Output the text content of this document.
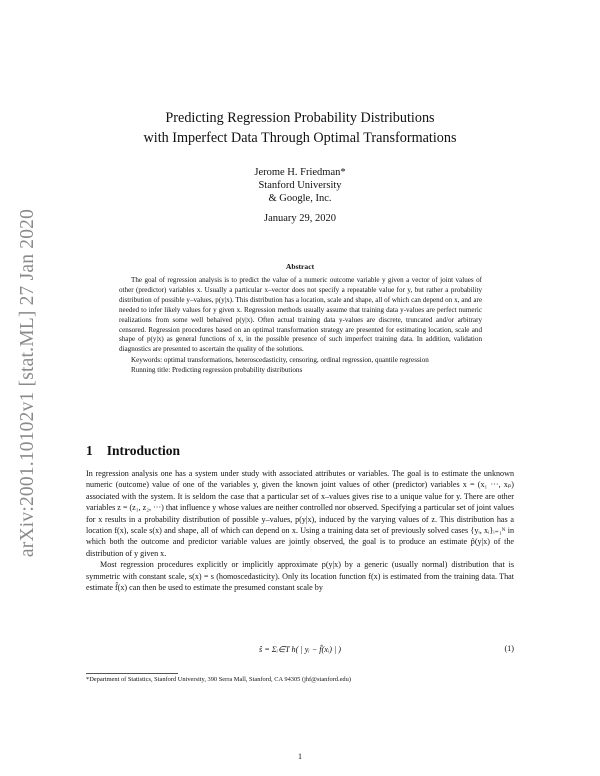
arXiv:2001.10102v1 [stat.ML] 27 Jan 2020
Predicting Regression Probability Distributions
with Imperfect Data Through Optimal Transformations
Jerome H. Friedman*
Stanford University
& Google, Inc.
January 29, 2020
Abstract

The goal of regression analysis is to predict the value of a numeric outcome variable y given a vector of joint values of other (predictor) variables x. Usually a particular x–vector does not specify a repeatable value for y, but rather a probability distribution of possible y–values, p(y|x). This distribution has a location, scale and shape, all of which can depend on x, and are needed to infer likely values for y given x. Regression methods usually assume that training data y-values are perfect numeric realizations from some well behaived p(y|x). Often actual training data y-values are discrete, truncated and/or arbitrary censored. Regression procedures based on an optimal transformation strategy are presented for estimating location, scale and shape of p(y|x) as general functions of x, in the possible presence of such imperfect training data. In addition, validation diagnostics are presented to ascertain the quality of the solutions.

Keywords: optimal transformations, heteroscedasticity, censoring, ordinal regression, quantile regression

Running title: Predicting regression probability distributions

1 Introduction

In regression analysis one has a system under study with associated attributes or variables. The goal is to estimate the unknown numeric (outcome) value of one of the variables y, given the known joint values of other (predictor) variables x = (x₁ ···, xₚ) associated with the system. It is seldom the case that a particular set of x–values gives rise to a unique value for y. There are other variables z = (z₁, z₂, ···) that influence y whose values are neither controlled nor observed. Specifying a particular set of joint values for x results in a probability distribution of possible y–values, p(y|x), induced by the varying values of z. This distribution has a location f(x), scale s(x) and shape, all of which can depend on x. Using a training data set of previously solved cases {yᵢ, xᵢ}ᵢ₌₁ᴺ in which both the outcome and predictor variable values are jointly observed, the goal is to produce an estimate p̂(y|x) of the distribution of y given x.

Most regression procedures explicitly or implicitly approximate p(y|x) by a generic (usually normal) distribution that is symmetric with constant scale, s(x) = s (homoscedasticity). Only its location function f(x) is estimated from the training data. That estimate f̂(x) can then be used to estimate the presumed constant scale by

ŝ = Σᵢ∈T h( | yᵢ − f̂(xᵢ) | )	(1)
*Department of Statistics, Stanford University, 390 Serra Mall, Stanford, CA 94305 (jhf@stanford.edu)
1
